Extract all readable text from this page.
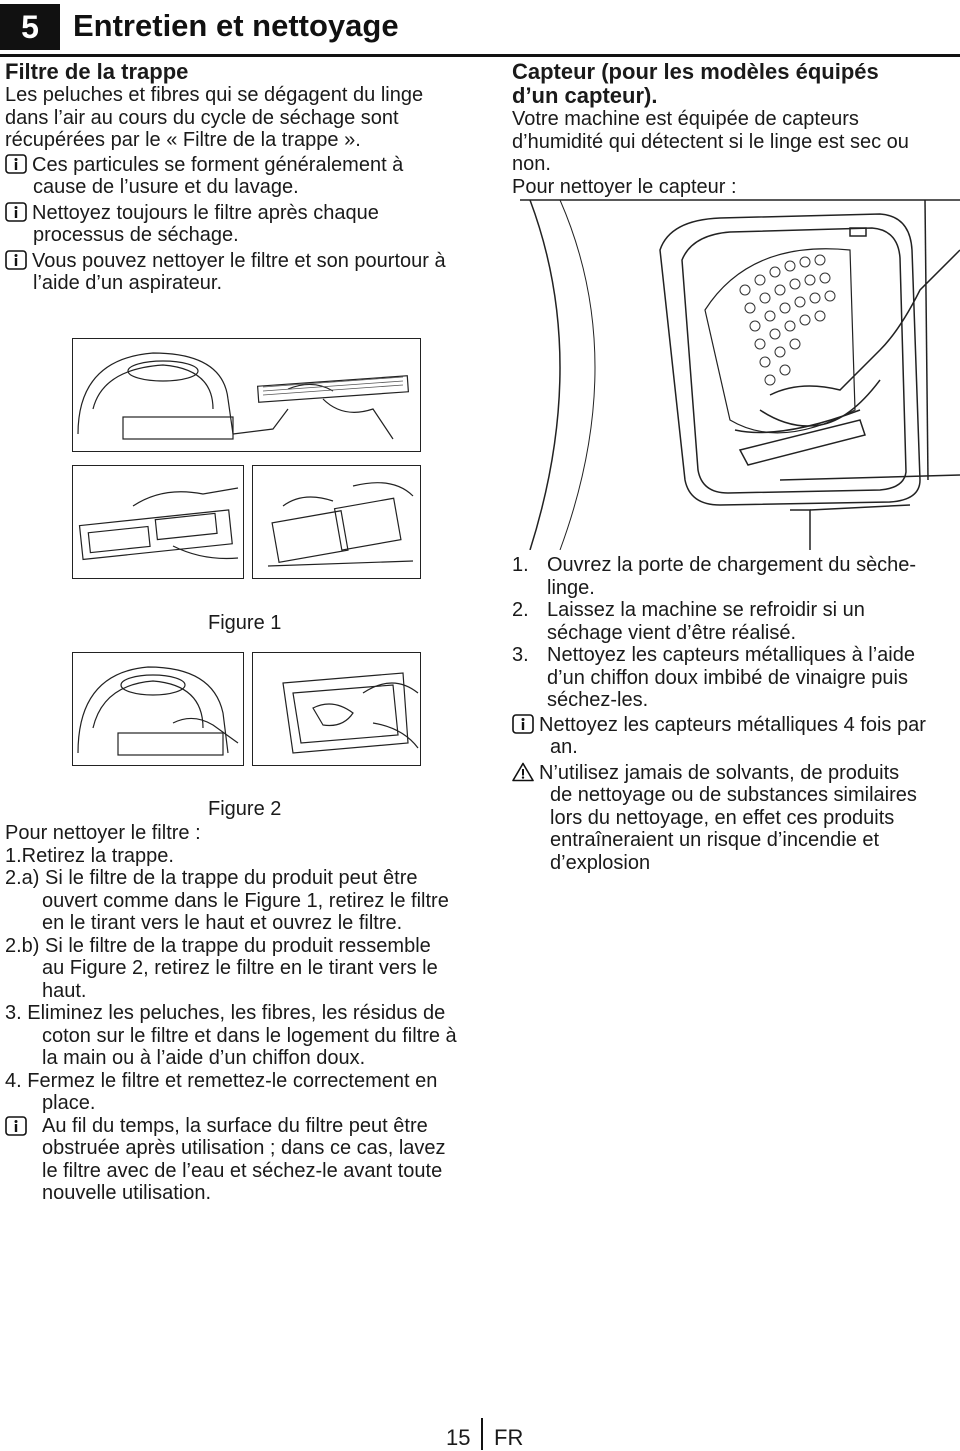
5	Entretien et nettoyage
Filtre de la trappe
Les peluches et fibres qui se dégagent du linge
dans l’air au cours du cycle de séchage sont
récupérées par le « Filtre de la trappe ».
Ces particules se forment généralement à
cause de l’usure et du lavage.
Nettoyez toujours le filtre après chaque
processus de séchage.
Vous pouvez nettoyer le filtre et son pourtour à
l’aide d’un aspirateur.
Figure 1
Figure 2
Pour nettoyer le filtre :
1.Retirez la trappe.
2.a) Si le filtre de la trappe du produit peut être
ouvert comme dans le Figure 1, retirez le filtre
en le tirant vers le haut et ouvrez le filtre.
2.b) Si le filtre de la trappe du produit ressemble
au Figure 2, retirez le filtre en le tirant vers le
haut.
3. Eliminez les peluches, les fibres, les résidus de
coton sur le filtre et dans le logement du filtre à
la main ou à l’aide d’un chiffon doux.
4. Fermez le filtre et remettez-le correctement en
place.
Au fil du temps, la surface du filtre peut être
obstruée après utilisation ; dans ce cas, lavez
le filtre avec de l’eau et séchez-le avant toute
nouvelle utilisation.
Capteur (pour les modèles équipés
d’un capteur).
Votre machine est équipée de capteurs
d’humidité qui détectent si le linge est sec ou
non.
Pour nettoyer le capteur :
1. Ouvrez la porte de chargement du sèche-
linge.
2. Laissez la machine se refroidir si un
séchage vient d’être réalisé.
3. Nettoyez les capteurs métalliques à l’aide
d’un chiffon doux imbibé de vinaigre puis
séchez-les.
Nettoyez les capteurs métalliques 4 fois par
an.
N’utilisez jamais de solvants, de produits
de nettoyage ou de substances similaires
lors du nettoyage, en effet ces produits
entraîneraient un risque d’incendie et
d’explosion
15 FR
